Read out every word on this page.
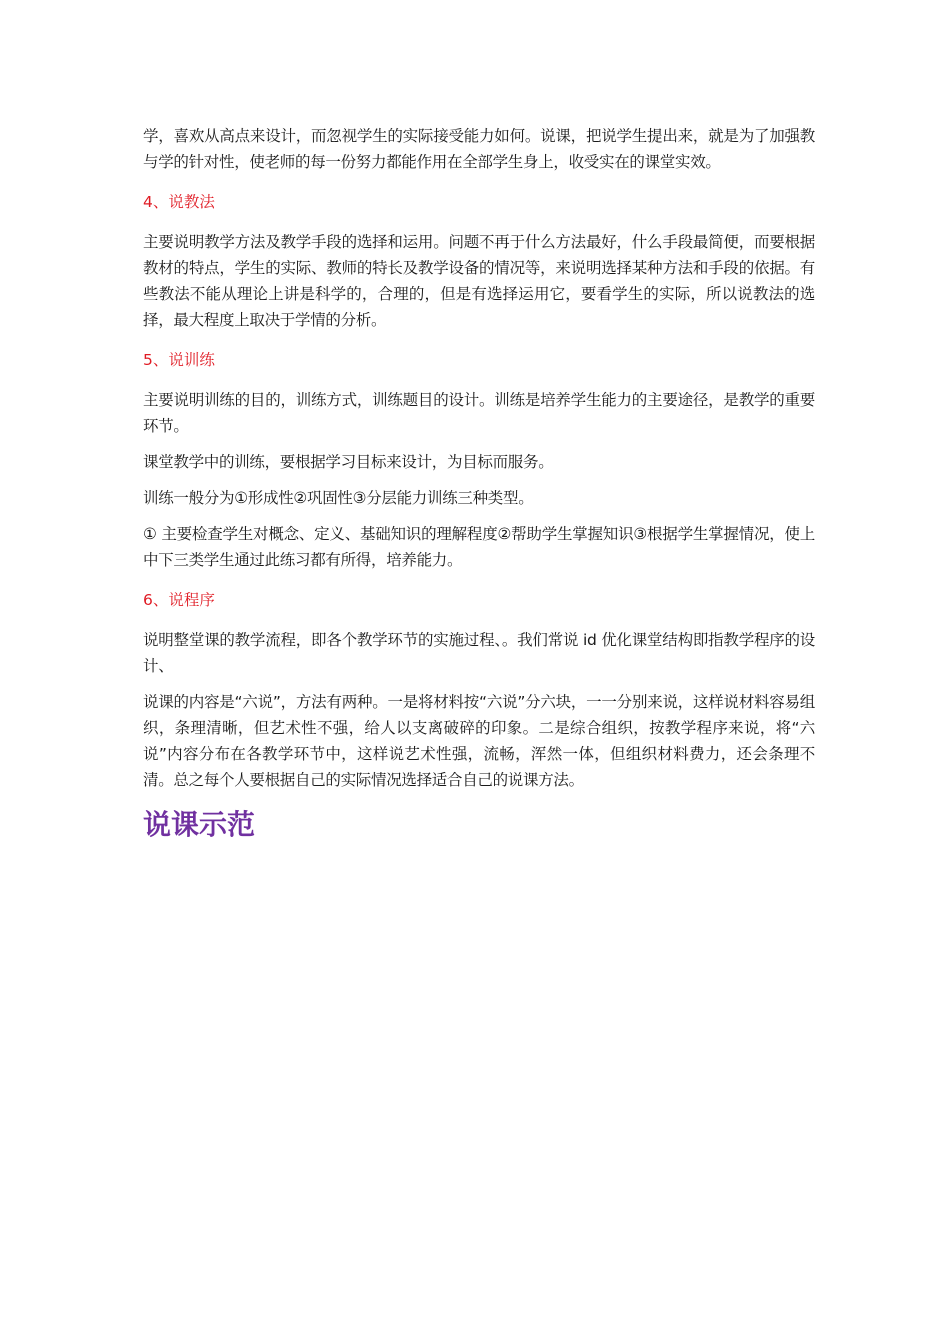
学，喜欢从高点来设计，而忽视学生的实际接受能力如何。说课，把说学生提出来，就是为了加强教与学的针对性，使老师的每一份努力都能作用在全部学生身上，收受实在的课堂实效。

4、说教法

主要说明教学方法及教学手段的选择和运用。问题不再于什么方法最好，什么手段最简便，而要根据教材的特点，学生的实际、教师的特长及教学设备的情况等，来说明选择某种方法和手段的依据。有些教法不能从理论上讲是科学的，合理的，但是有选择运用它，要看学生的实际，所以说教法的选择，最大程度上取决于学情的分析。

5、说训练

主要说明训练的目的，训练方式，训练题目的设计。训练是培养学生能力的主要途径，是教学的重要环节。

课堂教学中的训练，要根据学习目标来设计，为目标而服务。

训练一般分为①形成性②巩固性③分层能力训练三种类型。

① 主要检查学生对概念、定义、基础知识的理解程度②帮助学生掌握知识③根据学生掌握情况，使上中下三类学生通过此练习都有所得，培养能力。

6、说程序

说明整堂课的教学流程，即各个教学环节的实施过程、。我们常说 id 优化课堂结构即指教学程序的设计、

说课的内容是“六说”，方法有两种。一是将材料按“六说”分六块，一一分别来说，这样说材料容易组织，条理清晰，但艺术性不强，给人以支离破碎的印象。二是综合组织，按教学程序来说，将“六说”内容分布在各教学环节中，这样说艺术性强，流畅，浑然一体，但组织材料费力，还会条理不清。总之每个人要根据自己的实际情况选择适合自己的说课方法。

说课示范
